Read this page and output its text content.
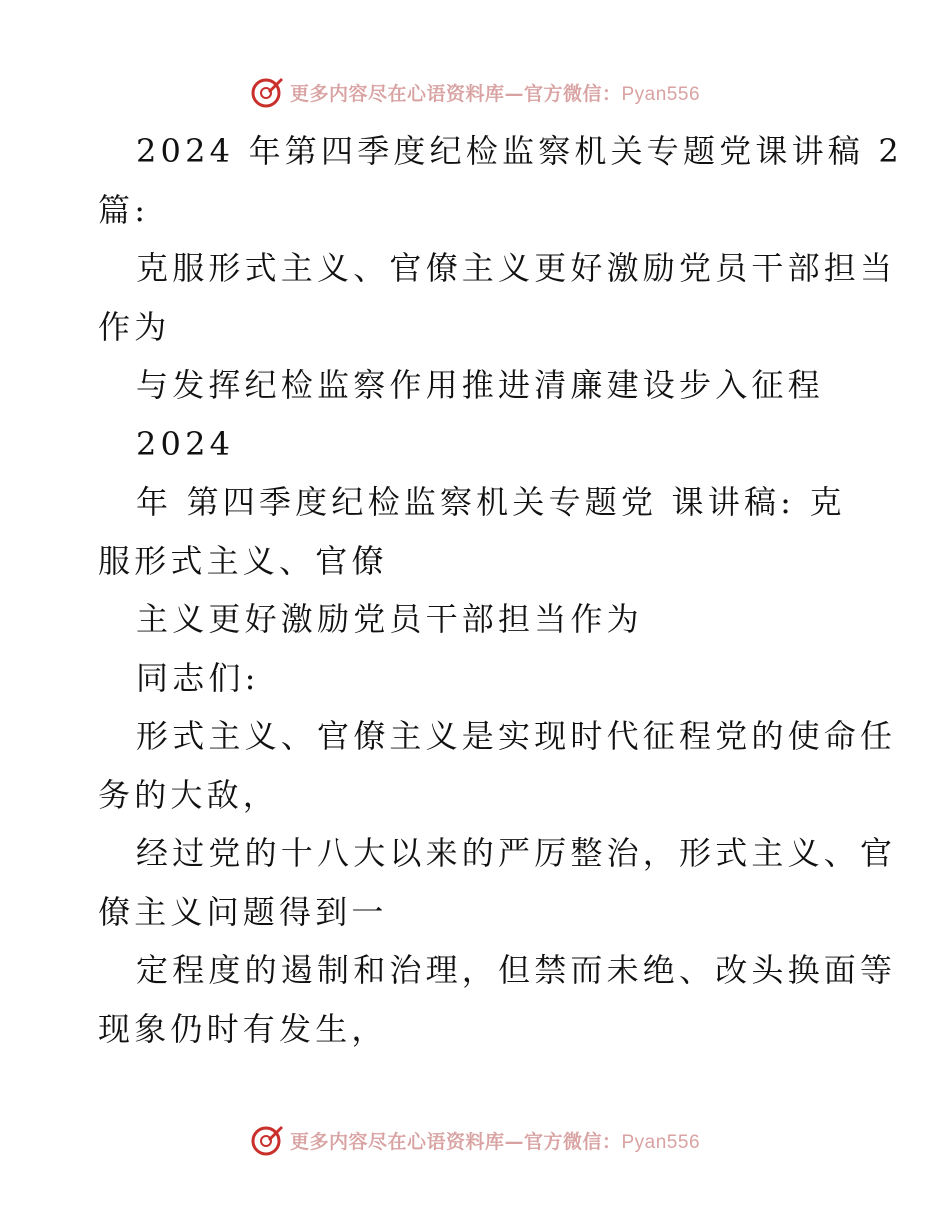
更多内容尽在心语资料库—官方微信：Pyan556
2024 年第四季度纪检监察机关专题党课讲稿 2
篇:
克服形式主义、官僚主义更好激励党员干部担当
作为
与发挥纪检监察作用推进清廉建设步入征程
2024
年 第四季度纪检监察机关专题党 课讲稿: 克
服形式主义、官僚
主义更好激励党员干部担当作为
同志们:
形式主义、官僚主义是实现时代征程党的使命任
务的大敌，
经过党的十八大以来的严厉整治，形式主义、官
僚主义问题得到一
定程度的遏制和治理，但禁而未绝、改头换面等
现象仍时有发生，
更多内容尽在心语资料库—官方微信：Pyan556
